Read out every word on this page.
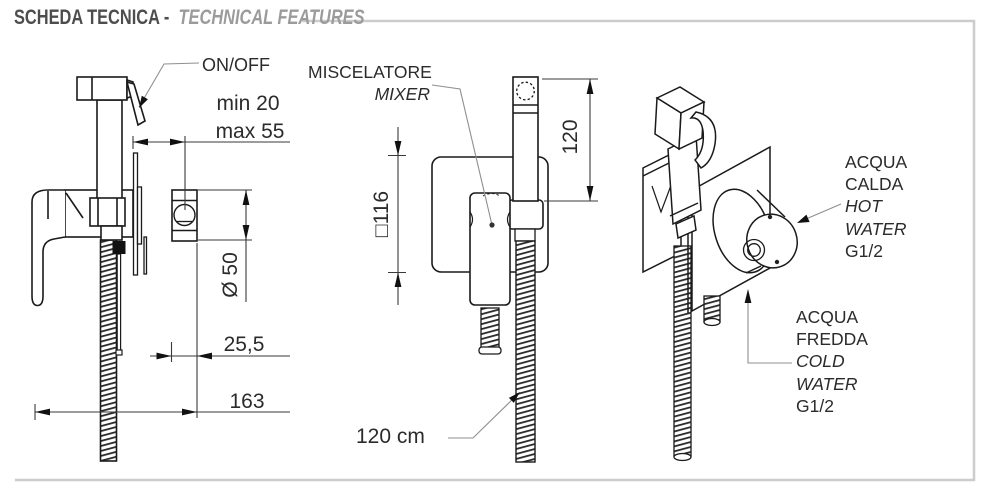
SCHEDA TECNICA - TECHNICAL FEATURES
ON/OFF
min 20
max 55
Ø 50
25,5
163
MISCELATORE
MIXER
□116
120
120 cm
ACQUA
CALDA
HOT
WATER
G1/2
ACQUA
FREDDA
COLD
WATER
G1/2
